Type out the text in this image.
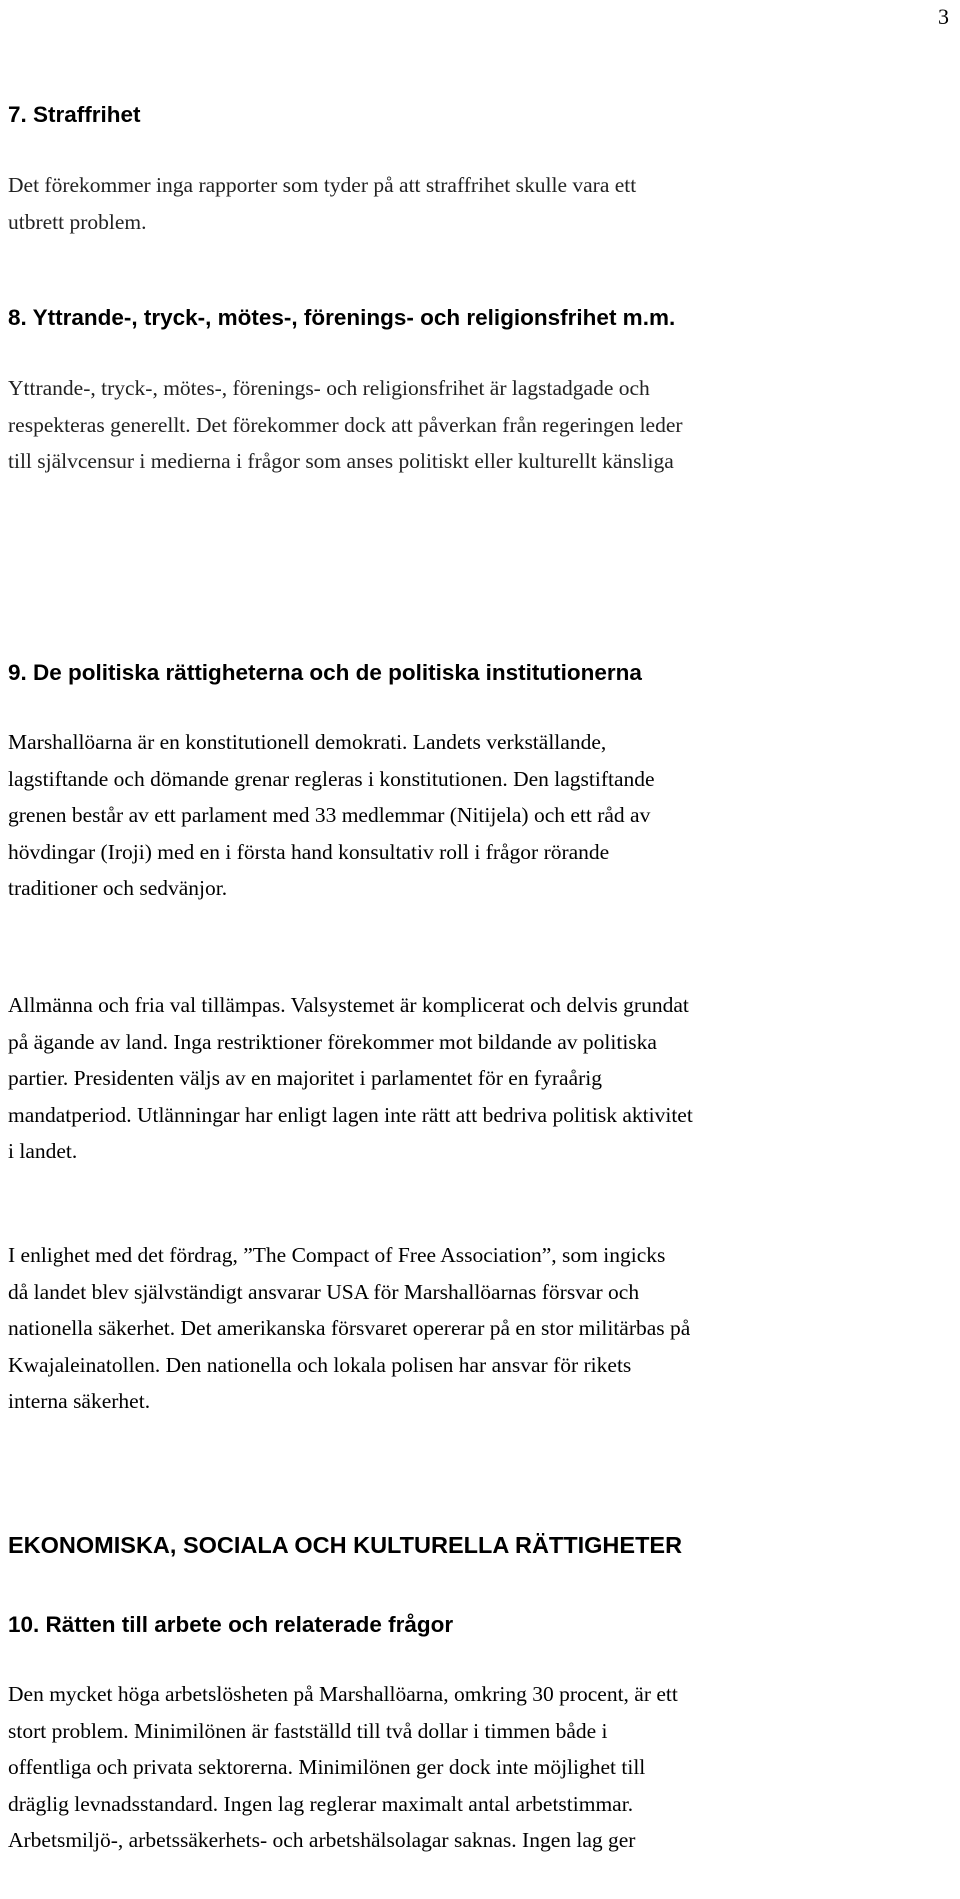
3
7. Straffrihet

Det förekommer inga rapporter som tyder på att straffrihet skulle vara ett
utbrett problem.

8. Yttrande-, tryck-, mötes-, förenings- och religionsfrihet m.m.

Yttrande-, tryck-, mötes-, förenings- och religionsfrihet är lagstadgade och
respekteras generellt. Det förekommer dock att påverkan från regeringen leder
till självcensur i medierna i frågor som anses politiskt eller kulturellt känsliga

9. De politiska rättigheterna och de politiska institutionerna

Marshallöarna är en konstitutionell demokrati. Landets verkställande,
lagstiftande och dömande grenar regleras i konstitutionen. Den lagstiftande
grenen består av ett parlament med 33 medlemmar (Nitijela) och ett råd av
hövdingar (Iroji) med en i första hand konsultativ roll i frågor rörande
traditioner och sedvänjor.

Allmänna och fria val tillämpas. Valsystemet är komplicerat och delvis grundat
på ägande av land. Inga restriktioner förekommer mot bildande av politiska
partier. Presidenten väljs av en majoritet i parlamentet för en fyraårig
mandatperiod. Utlänningar har enligt lagen inte rätt att bedriva politisk aktivitet
i landet.

I enlighet med det fördrag, ”The Compact of Free Association”, som ingicks
då landet blev självständigt ansvarar USA för Marshallöarnas försvar och
nationella säkerhet. Det amerikanska försvaret opererar på en stor militärbas på
Kwajaleinatollen. Den nationella och lokala polisen har ansvar för rikets
interna säkerhet.

EKONOMISKA, SOCIALA OCH KULTURELLA RÄTTIGHETER
10. Rätten till arbete och relaterade frågor

Den mycket höga arbetslösheten på Marshallöarna, omkring 30 procent, är ett
stort problem. Minimilönen är fastställd till två dollar i timmen både i
offentliga och privata sektorerna. Minimilönen ger dock inte möjlighet till
dräglig levnadsstandard. Ingen lag reglerar maximalt antal arbetstimmar.
Arbetsmiljö-, arbetssäkerhets- och arbetshälsolagar saknas. Ingen lag ger
